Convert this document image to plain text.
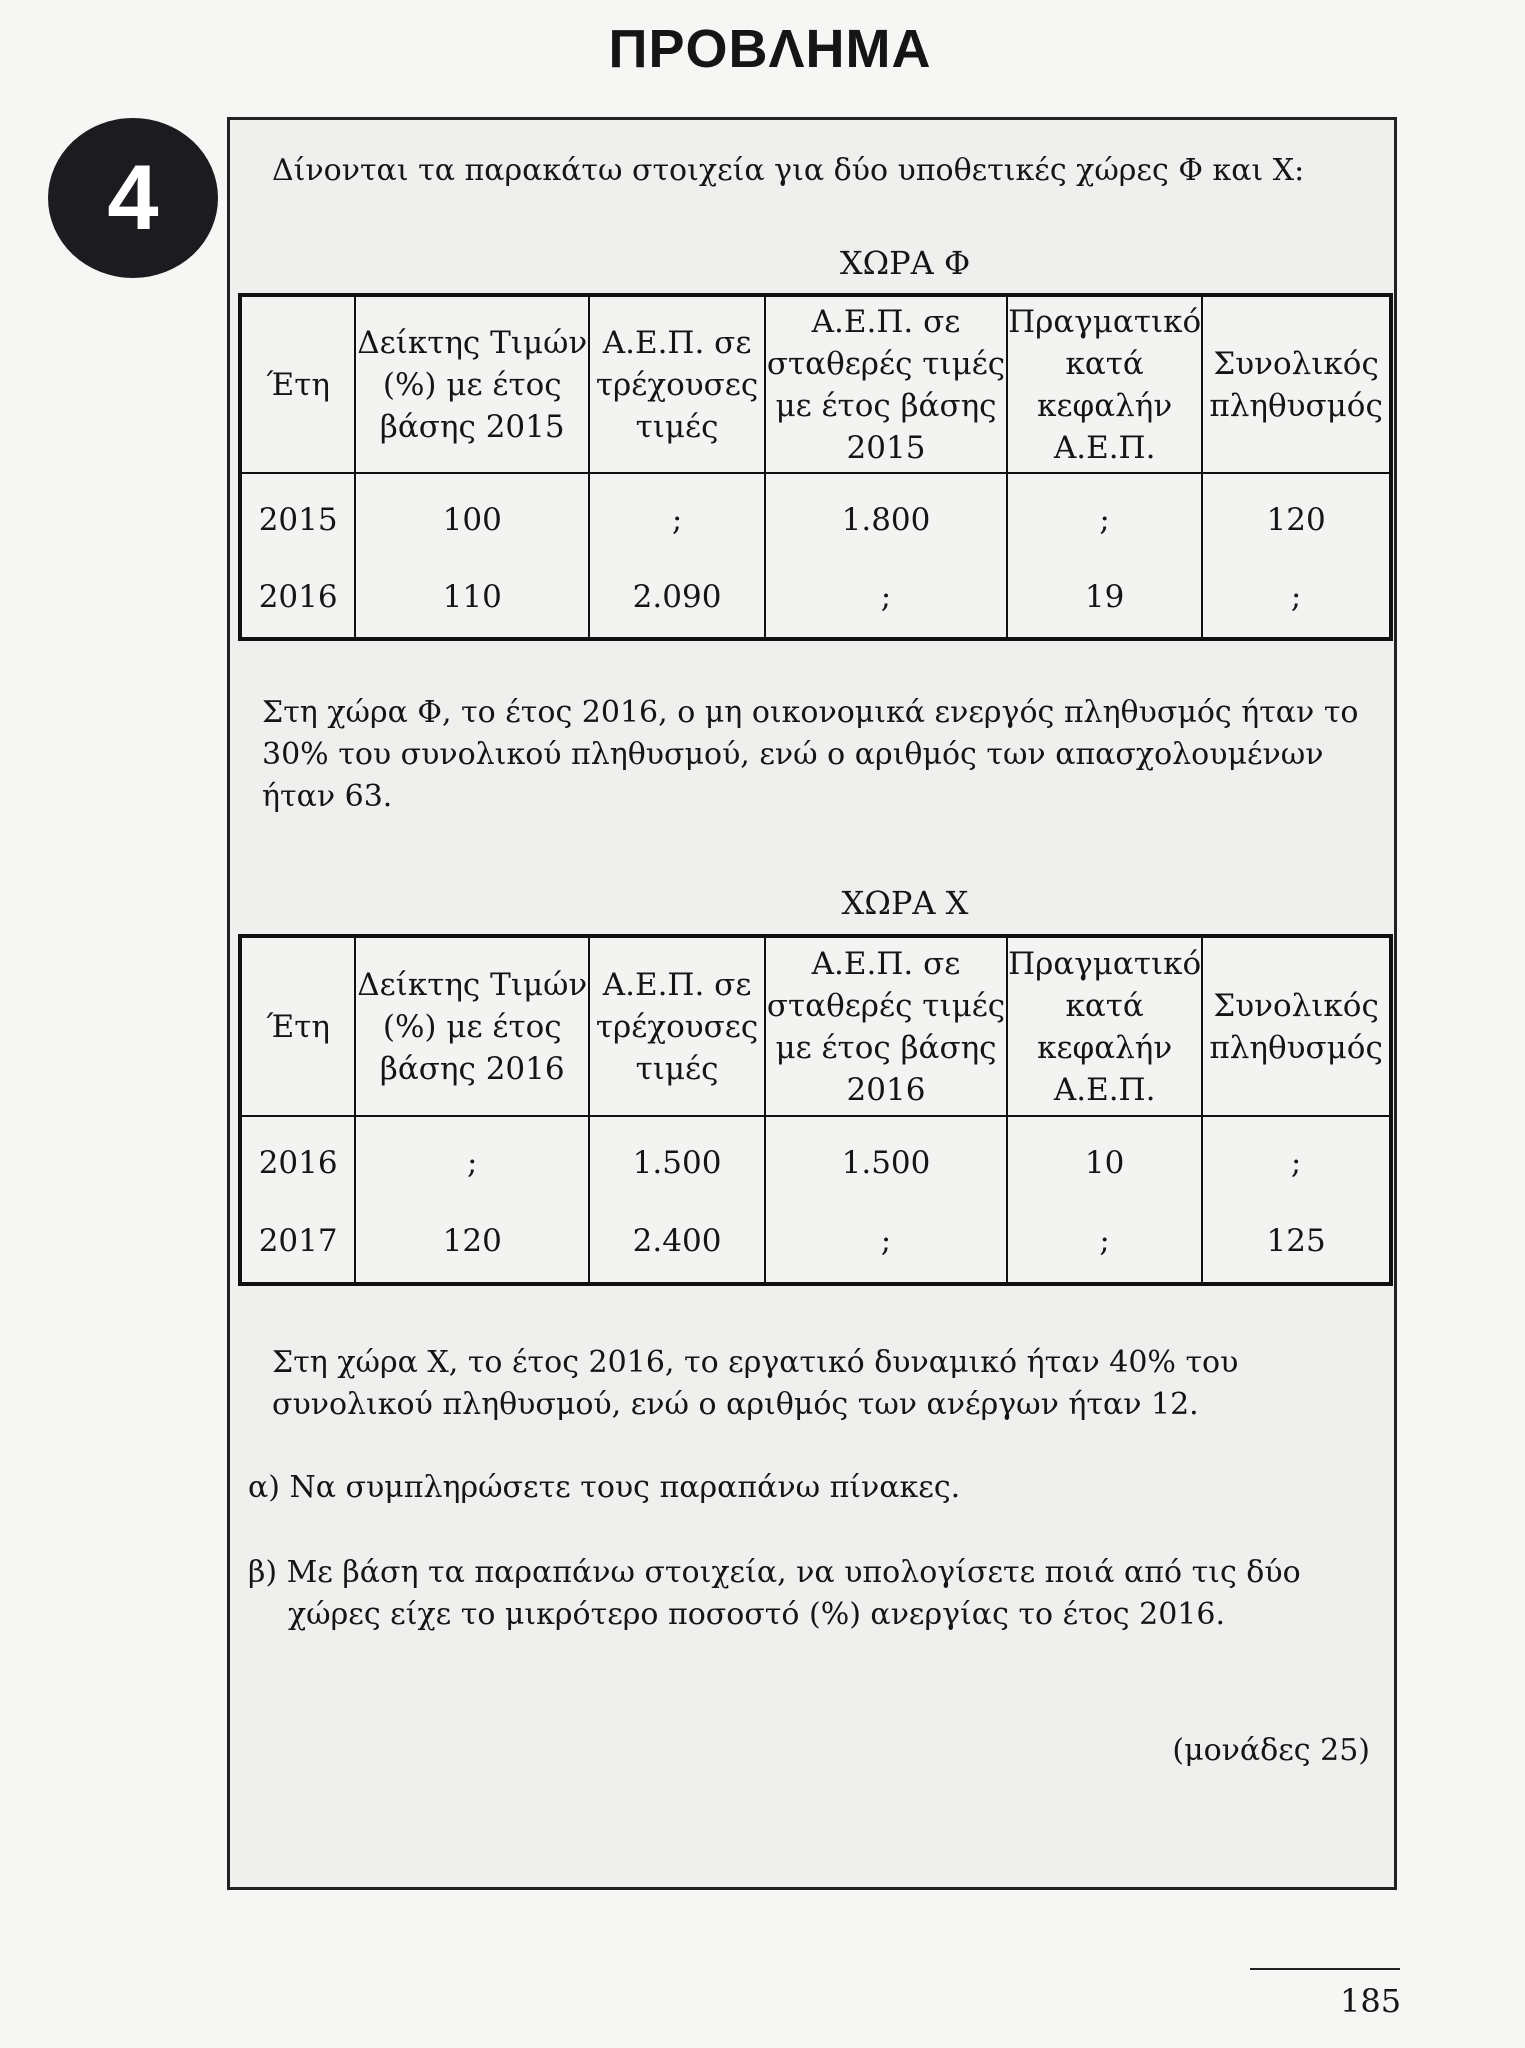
ΠΡΟΒΛΗΜΑ
4	Δίνονται τα παρακάτω στοιχεία για δύο υποθετικές χώρες Φ και Χ:
ΧΩΡΑ Φ
Έτη	Δείκτης Τιμών (%) με έτος βάσης 2015	Α.Ε.Π. σε τρέχουσες τιμές	Α.Ε.Π. σε σταθερές τιμές με έτος βάσης 2015	Πραγματικό κατά κεφαλήν Α.Ε.Π.	Συνολικός πληθυσμός
2015	100	;	1.800	;	120
2016	110	2.090	;	19	;
Στη χώρα Φ, το έτος 2016, ο μη οικονομικά ενεργός πληθυσμός ήταν το 30% του συνολικού πληθυσμού, ενώ ο αριθμός των απασχολουμένων ήταν 63.
ΧΩΡΑ Χ
Έτη	Δείκτης Τιμών (%) με έτος βάσης 2016	Α.Ε.Π. σε τρέχουσες τιμές	Α.Ε.Π. σε σταθερές τιμές με έτος βάσης 2016	Πραγματικό κατά κεφαλήν Α.Ε.Π.	Συνολικός πληθυσμός
2016	;	1.500	1.500	10	;
2017	120	2.400	;	;	125
Στη χώρα Χ, το έτος 2016, το εργατικό δυναμικό ήταν 40% του συνολικού πληθυσμού, ενώ ο αριθμός των ανέργων ήταν 12.
α) Να συμπληρώσετε τους παραπάνω πίνακες.
β) Με βάση τα παραπάνω στοιχεία, να υπολογίσετε ποιά από τις δύο χώρες είχε το μικρότερο ποσοστό (%) ανεργίας το έτος 2016.
(μονάδες 25)
185
